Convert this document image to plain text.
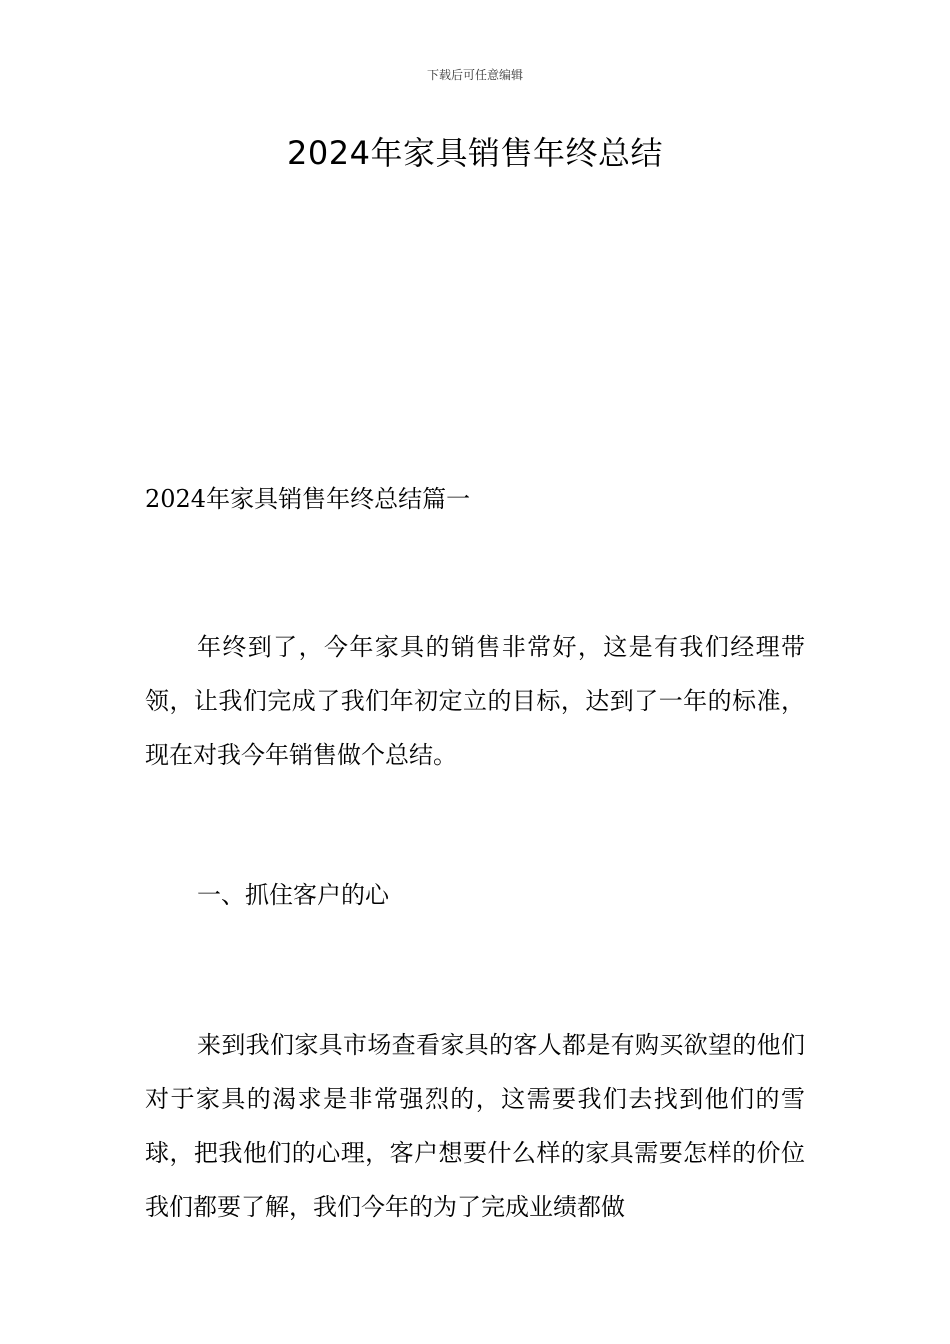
下载后可任意编辑
2024年家具销售年终总结

2024年家具销售年终总结篇一

年终到了，今年家具的销售非常好，这是有我们经理带领，让我们完成了我们年初定立的目标，达到了一年的标准，现在对我今年销售做个总结。

一、抓住客户的心

来到我们家具市场查看家具的客人都是有购买欲望的他们对于家具的渴求是非常强烈的，这需要我们去找到他们的雪球，把我他们的心理，客户想要什么样的家具需要怎样的价位我们都要了解，我们今年的为了完成业绩都做
